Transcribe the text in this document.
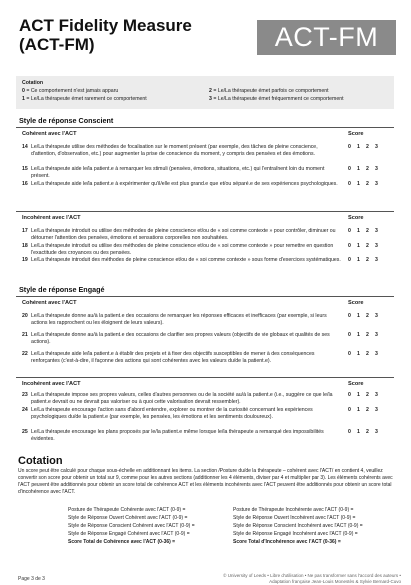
ACT Fidelity Measure (ACT-FM)	ACT-FM
Cotation
0 = Ce comportement n'est jamais apparu	2 = Le/La thérapeute émet parfois ce comportement
1 = Le/La thérapeute émet rarement ce comportement	3 = Le/La thérapeute émet fréquemment ce comportement
Style de réponse Conscient
Cohérent avec l'ACT	Score
14 Le/La thérapeute utilise des méthodes de focalisation sur le moment présent (par exemple, des tâches de pleine conscience, d'attention, d'observation, etc.) pour augmenter la prise de conscience du moment, y compris des pensées et des émotions.
0	1	2	3
15 Le/La thérapeute aide le/la patient.e à remarquer les stimuli (pensées, émotions, situations, etc.) qui l'entraînent loin du moment présent.
0	1	2	3
16 Le/La thérapeute aide le/la patient.e à expérimenter qu'il/elle est plus grand.e que et/ou séparé.e de ses expériences psychologiques.	0	1	2	3
Incohérent avec l'ACT	Score
17 Le/La thérapeute introduit ou utilise des méthodes de pleine conscience et/ou de « soi comme contexte » pour contrôler, diminuer ou détourner l'attention des pensées, émotions et sensations corporelles non souhaitées.
0	1	2	3
18 Le/La thérapeute introduit ou utilise des méthodes de pleine conscience et/ou de « soi comme contexte » pour remettre en question l'exactitude des croyances ou des pensées.
0	1	2	3
19 Le/La thérapeute introduit des méthodes de pleine conscience et/ou de « soi comme contexte » sous forme d'exercices systématiques.	0	1	2	3
Style de réponse Engagé
Cohérent avec l'ACT	Score
20 Le/La thérapeute donne au/à la patient.e des occasions de remarquer les réponses efficaces et inefficaces (par exemple, si leurs actions les rapprochent ou les éloignent de leurs valeurs).
0	1	2	3
21 Le/La thérapeute donne au/à la patient.e des occasions de clarifier ses propres valeurs (objectifs de vie globaux et qualités de ses actions).
0	1	2	3
22 Le/La thérapeute aide le/la patient.e à établir des projets et à fixer des objectifs susceptibles de mener à des conséquences renforçantes (c'est-à-dire, il façonne des actions qui sont cohérentes avec les valeurs du/de la patient.e).
0	1	2	3
Incohérent avec l'ACT	Score
23 Le/La thérapeute impose ses propres valeurs, celles d'autres personnes ou de la société au/à la patient.e (i.e., suggère ce que le/la patient.e devrait ou ne devrait pas valoriser ou à quoi cette valorisation devrait ressembler).
0	1	2	3
24 Le/La thérapeute encourage l'action sans d'abord entendre, explorer ou montrer de la curiosité concernant les expériences psychologiques du/de la patient.e (par exemple, les pensées, les émotions et les sentiments douloureux).
0	1	2	3
25 Le/La thérapeute encourage les plans proposés par le/la patient.e même lorsque le/la thérapeute a remarqué des impossibilités évidentes.
0	1	2	3
Cotation
Un score peut être calculé pour chaque sous-échelle en additionnant les items. La section /Posture du/de la thérapeute – cohérent avec l'ACT/ en contient 4, veuillez convertir son score pour obtenir un total sur 9, comme pour les autres sections (additionner les 4 éléments, diviser par 4 et multiplier par 3). Les éléments cohérents avec l'ACT peuvent être additionnés pour obtenir un score total de cohérence ACT et les éléments incohérents avec l'ACT peuvent être additionnés pour obtenir un score total d'incohérence avec l'ACT.
Posture de Thérapeute Cohérente avec l'ACT (0-9) =	Posture de Thérapeute Incohérente avec l'ACT (0-9) =
Style de Réponse Ouvert Cohérent avec l'ACT (0-9) =	Style de Réponse Ouvert Incohérent avec l'ACT (0-9) =
Style de Réponse Conscient Cohérent avec l'ACT (0-9) =	Style de Réponse Conscient Incohérent avec l'ACT (0-9) =
Style de Réponse Engagé Cohérent avec l'ACT (0-9) =	Style de Réponse Engagé Incohérent avec l'ACT (0-9) =
Score Total de Cohérence avec l'ACT (0-36) =	Score Total d'Incohérence avec l'ACT (0-36) =
Page 3 de 3
© University of Leeds • Libre d'utilisation • Ne pas transformer sans l'accord des auteurs •
Adaptation française Jean-Louis Monestès & Sylvie Bernard-Cuvo
